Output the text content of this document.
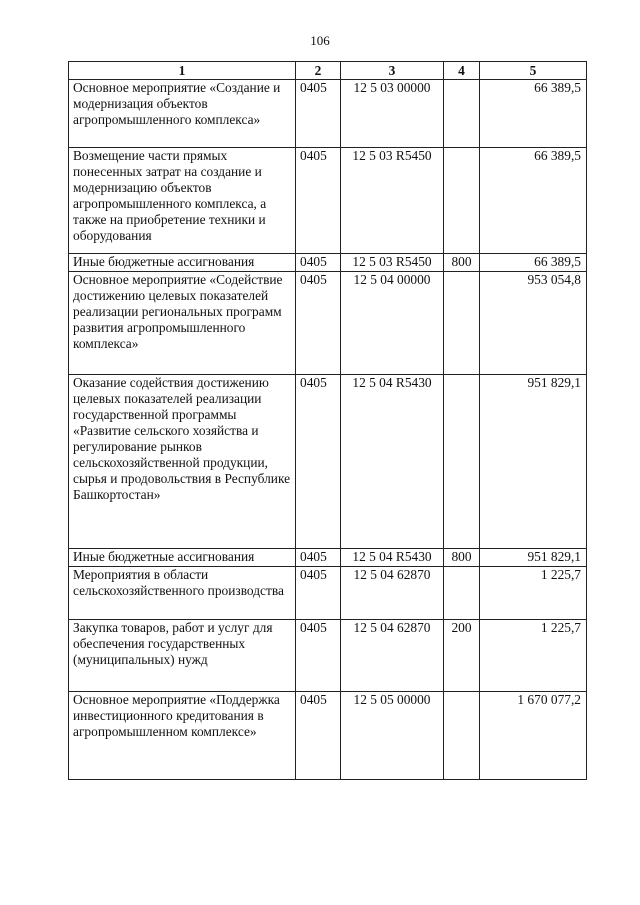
106
1	2	3	4	5
Основное мероприятие «Создание и модернизация объектов агропромышленного комплекса»	0405	12 5 03 00000		66 389,5
Возмещение части прямых понесенных затрат на создание и модернизацию объектов агропромышленного комплекса, а также на приобретение техники и оборудования	0405	12 5 03 R5450		66 389,5
Иные бюджетные ассигнования	0405	12 5 03 R5450	800	66 389,5
Основное мероприятие «Содействие достижению целевых показателей реализации региональных программ развития агропромышленного комплекса»	0405	12 5 04 00000		953 054,8
Оказание содействия достижению целевых показателей реализации государственной программы «Развитие сельского хозяйства и регулирование рынков сельскохозяйственной продукции, сырья и продовольствия в Республике Башкортостан»	0405	12 5 04 R5430		951 829,1
Иные бюджетные ассигнования	0405	12 5 04 R5430	800	951 829,1
Мероприятия в области сельскохозяйственного производства	0405	12 5 04 62870		1 225,7
Закупка товаров, работ и услуг для обеспечения государственных (муниципальных) нужд	0405	12 5 04 62870	200	1 225,7
Основное мероприятие «Поддержка инвестиционного кредитования в агропромышленном комплексе»	0405	12 5 05 00000		1 670 077,2
